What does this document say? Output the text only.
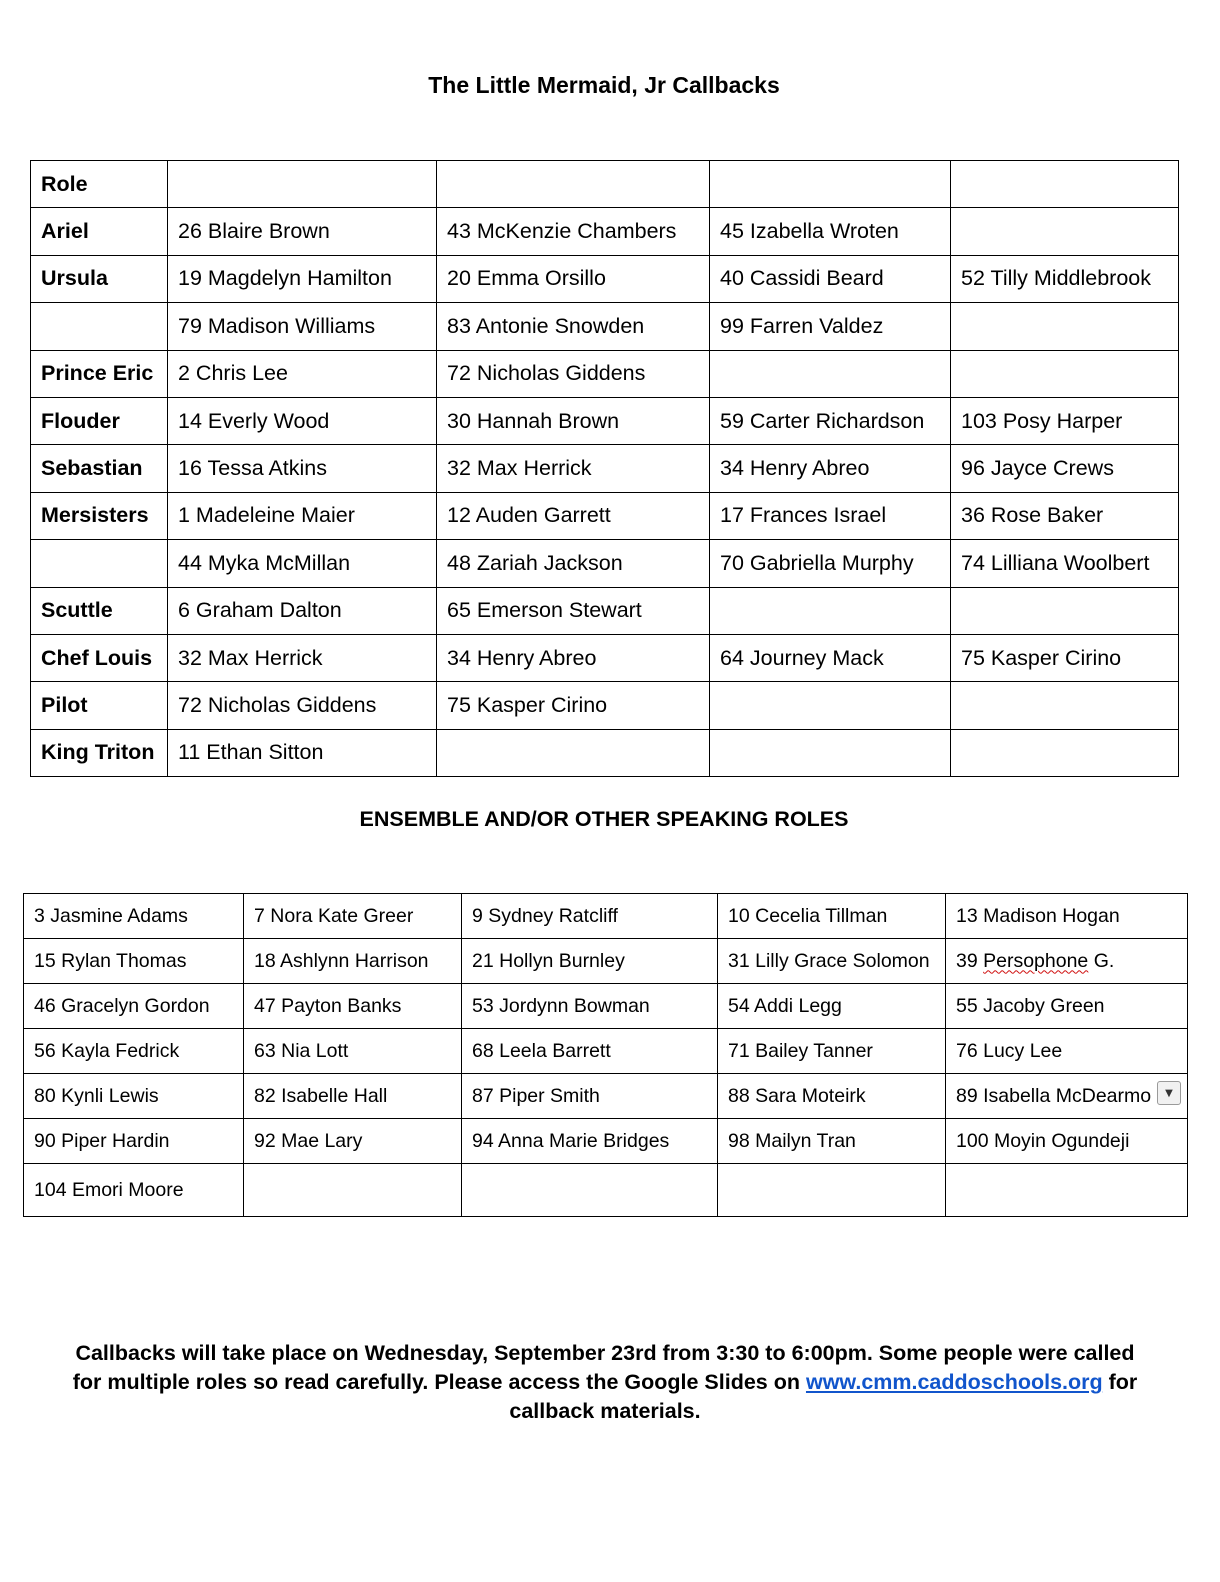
The Little Mermaid, Jr Callbacks
Role				
Ariel	26 Blaire Brown	43 McKenzie Chambers	45 Izabella Wroten	
Ursula	19 Magdelyn Hamilton	20 Emma Orsillo	40 Cassidi Beard	52 Tilly Middlebrook
	79 Madison Williams	83 Antonie Snowden	99 Farren Valdez	
Prince Eric	2 Chris Lee	72 Nicholas Giddens		
Flouder	14 Everly Wood	30 Hannah Brown	59 Carter Richardson	103 Posy Harper
Sebastian	16 Tessa Atkins	32 Max Herrick	34 Henry Abreo	96 Jayce Crews
Mersisters	1 Madeleine Maier	12 Auden Garrett	17 Frances Israel	36 Rose Baker
	44 Myka McMillan	48 Zariah Jackson	70 Gabriella Murphy	74 Lilliana Woolbert
Scuttle	6 Graham Dalton	65 Emerson Stewart		
Chef Louis	32 Max Herrick	34 Henry Abreo	64 Journey Mack	75 Kasper Cirino
Pilot	72 Nicholas Giddens	75 Kasper Cirino		
King Triton	11 Ethan Sitton			
ENSEMBLE AND/OR OTHER SPEAKING ROLES
3 Jasmine Adams	7 Nora Kate Greer	9 Sydney Ratcliff	10 Cecelia Tillman	13 Madison Hogan
15 Rylan Thomas	18 Ashlynn Harrison	21 Hollyn Burnley	31 Lilly Grace Solomon	39 Persophone G.
46 Gracelyn Gordon	47 Payton Banks	53 Jordynn Bowman	54 Addi Legg	55 Jacoby Green
56 Kayla Fedrick	63 Nia Lott	68 Leela Barrett	71 Bailey Tanner	76 Lucy Lee
80 Kynli Lewis	82 Isabelle Hall	87 Piper Smith	88 Sara Moteirk	89 Isabella McDearmo ▼

90 Piper Hardin	92 Mae Lary	94 Anna Marie Bridges	98 Mailyn Tran	100 Moyin Ogundeji
104 Emori Moore				
Callbacks will take place on Wednesday, September 23rd from 3:30 to 6:00pm. Some people were called for multiple roles so read carefully. Please access the Google Slides on www.cmm.caddoschools.org for callback materials.
